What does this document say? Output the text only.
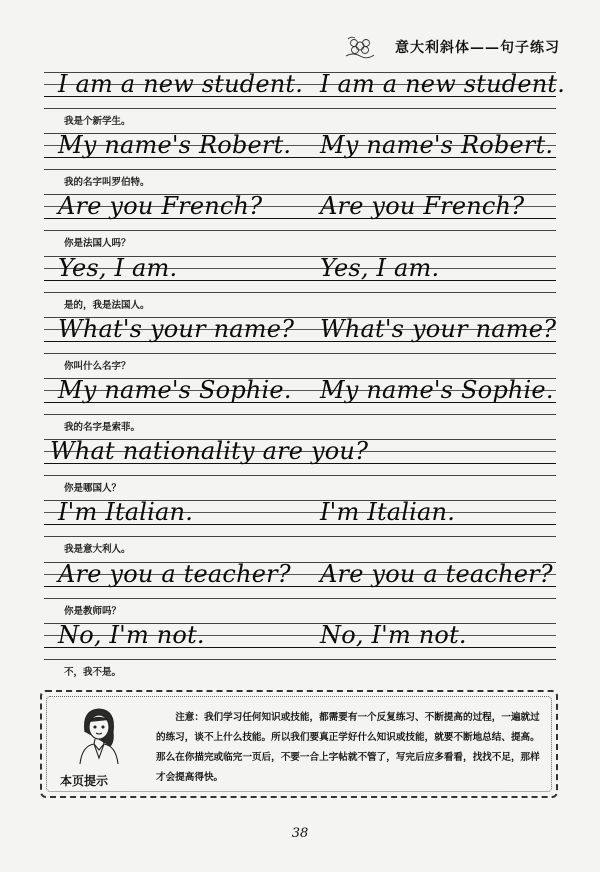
意大利斜体——句子练习
I am a new student. I am a new student.
我是个新学生。
My name's Robert. My name's Robert.
我的名字叫罗伯特。
Are you French? Are you French?
你是法国人吗？
Yes, I am.	Yes, I am.
是的，我是法国人。
What's your name? What's your name?
你叫什么名字？
My name's Sophie. My name's Sophie.
我的名字是索菲。
What nationality are you?
你是哪国人？
I'm Italian.	I'm Italian.
我是意大利人。
Are you a teacher? Are you a teacher?
你是教师吗？
No, I'm not.	No, I'm not.
不，我不是。
本页提示
注意：我们学习任何知识或技能，都需要有一个反复练习、不断提高的过程，一遍就过的练习，谈不上什么技能。所以我们要真正学好什么知识或技能，就要不断地总结、提高。那么在你描完或临完一页后，不要一合上字帖就不管了，写完后应多看看，找找不足，那样才会提高得快。
38
